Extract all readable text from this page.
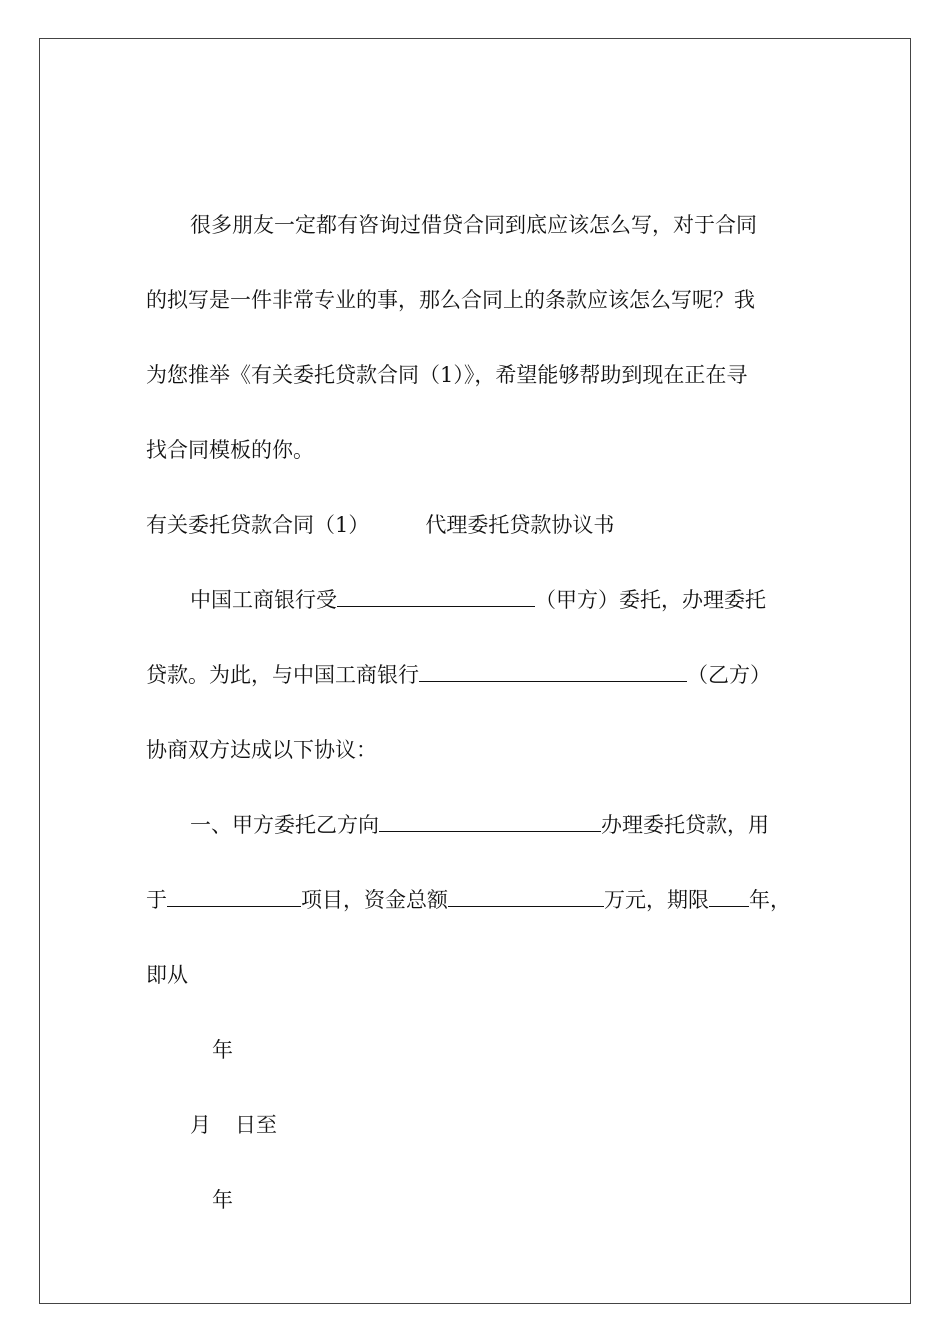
很多朋友一定都有咨询过借贷合同到底应该怎么写，对于合同
的拟写是一件非常专业的事，那么合同上的条款应该怎么写呢？我
为您推举《有关委托贷款合同（1）》，希望能够帮助到现在正在寻
找合同模板的你。
有关委托贷款合同（1）	代理委托贷款协议书
中国工商银行受	（甲方）委托，办理委托
贷款。为此，与中国工商银行	（乙方）
协商双方达成以下协议：
一、甲方委托乙方向	办理委托贷款，用
于	项目，资金总额	万元，期限 年，
即从
年
月 日至
年
